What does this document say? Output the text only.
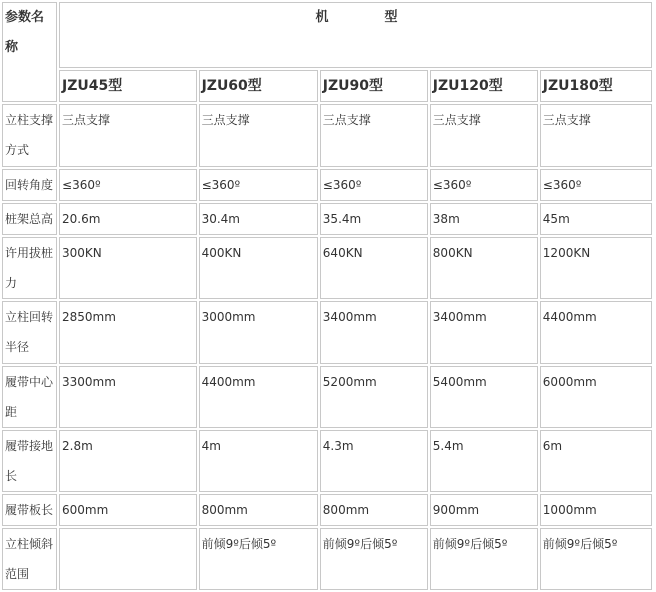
参数名称	机 型				
	JZU45型	JZU60型	JZU90型	JZU120型	JZU180型
立柱支撑方式	三点支撑	三点支撑	三点支撑	三点支撑	三点支撑
回转角度	≤360º	≤360º	≤360º	≤360º	≤360º
桩架总高	20.6m	30.4m	35.4m	38m	45m
许用拔桩力	300KN	400KN	640KN	800KN	1200KN
立柱回转半径	2850mm	3000mm	3400mm	3400mm	4400mm
履带中心距	3300mm	4400mm	5200mm	5400mm	6000mm
履带接地长	2.8m	4m	4.3m	5.4m	6m
履带板长	600mm	800mm	800mm	900mm	1000mm
立柱倾斜范围		前倾9º后倾5º	前倾9º后倾5º	前倾9º后倾5º	前倾9º后倾5º
